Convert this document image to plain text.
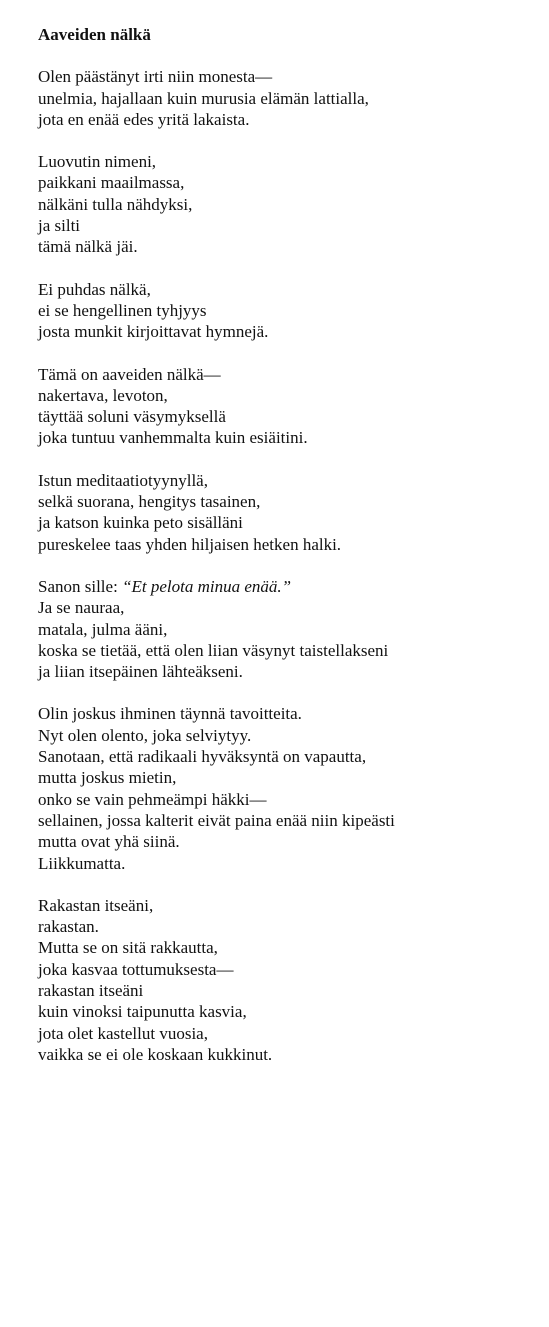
Aaveiden nälkä
Olen päästänyt irti niin monesta—
unelmia, hajallaan kuin murusia elämän lattialla,
jota en enää edes yritä lakaista.
Luovutin nimeni,
paikkani maailmassa,
nälkäni tulla nähdyksi,
ja silti
tämä nälkä jäi.
Ei puhdas nälkä,
ei se hengellinen tyhjyys
josta munkit kirjoittavat hymnejä.
Tämä on aaveiden nälkä—
nakertava, levoton,
täyttää soluni väsymyksellä
joka tuntuu vanhemmalta kuin esiäitini.
Istun meditaatiotyynyllä,
selkä suorana, hengitys tasainen,
ja katson kuinka peto sisälläni
pureskelee taas yhden hiljaisen hetken halki.
Sanon sille: “Et pelota minua enää.”
Ja se nauraa,
matala, julma ääni,
koska se tietää, että olen liian väsynyt taistellakseni
ja liian itsepäinen lähteäkseni.
Olin joskus ihminen täynnä tavoitteita.
Nyt olen olento, joka selviytyy.
Sanotaan, että radikaali hyväksyntä on vapautta,
mutta joskus mietin,
onko se vain pehmeämpi häkki—
sellainen, jossa kalterit eivät paina enää niin kipeästi
mutta ovat yhä siinä.
Liikkumatta.
Rakastan itseäni,
rakastan.
Mutta se on sitä rakkautta,
joka kasvaa tottumuksesta—
rakastan itseäni
kuin vinoksi taipunutta kasvia,
jota olet kastellut vuosia,
vaikka se ei ole koskaan kukkinut.
